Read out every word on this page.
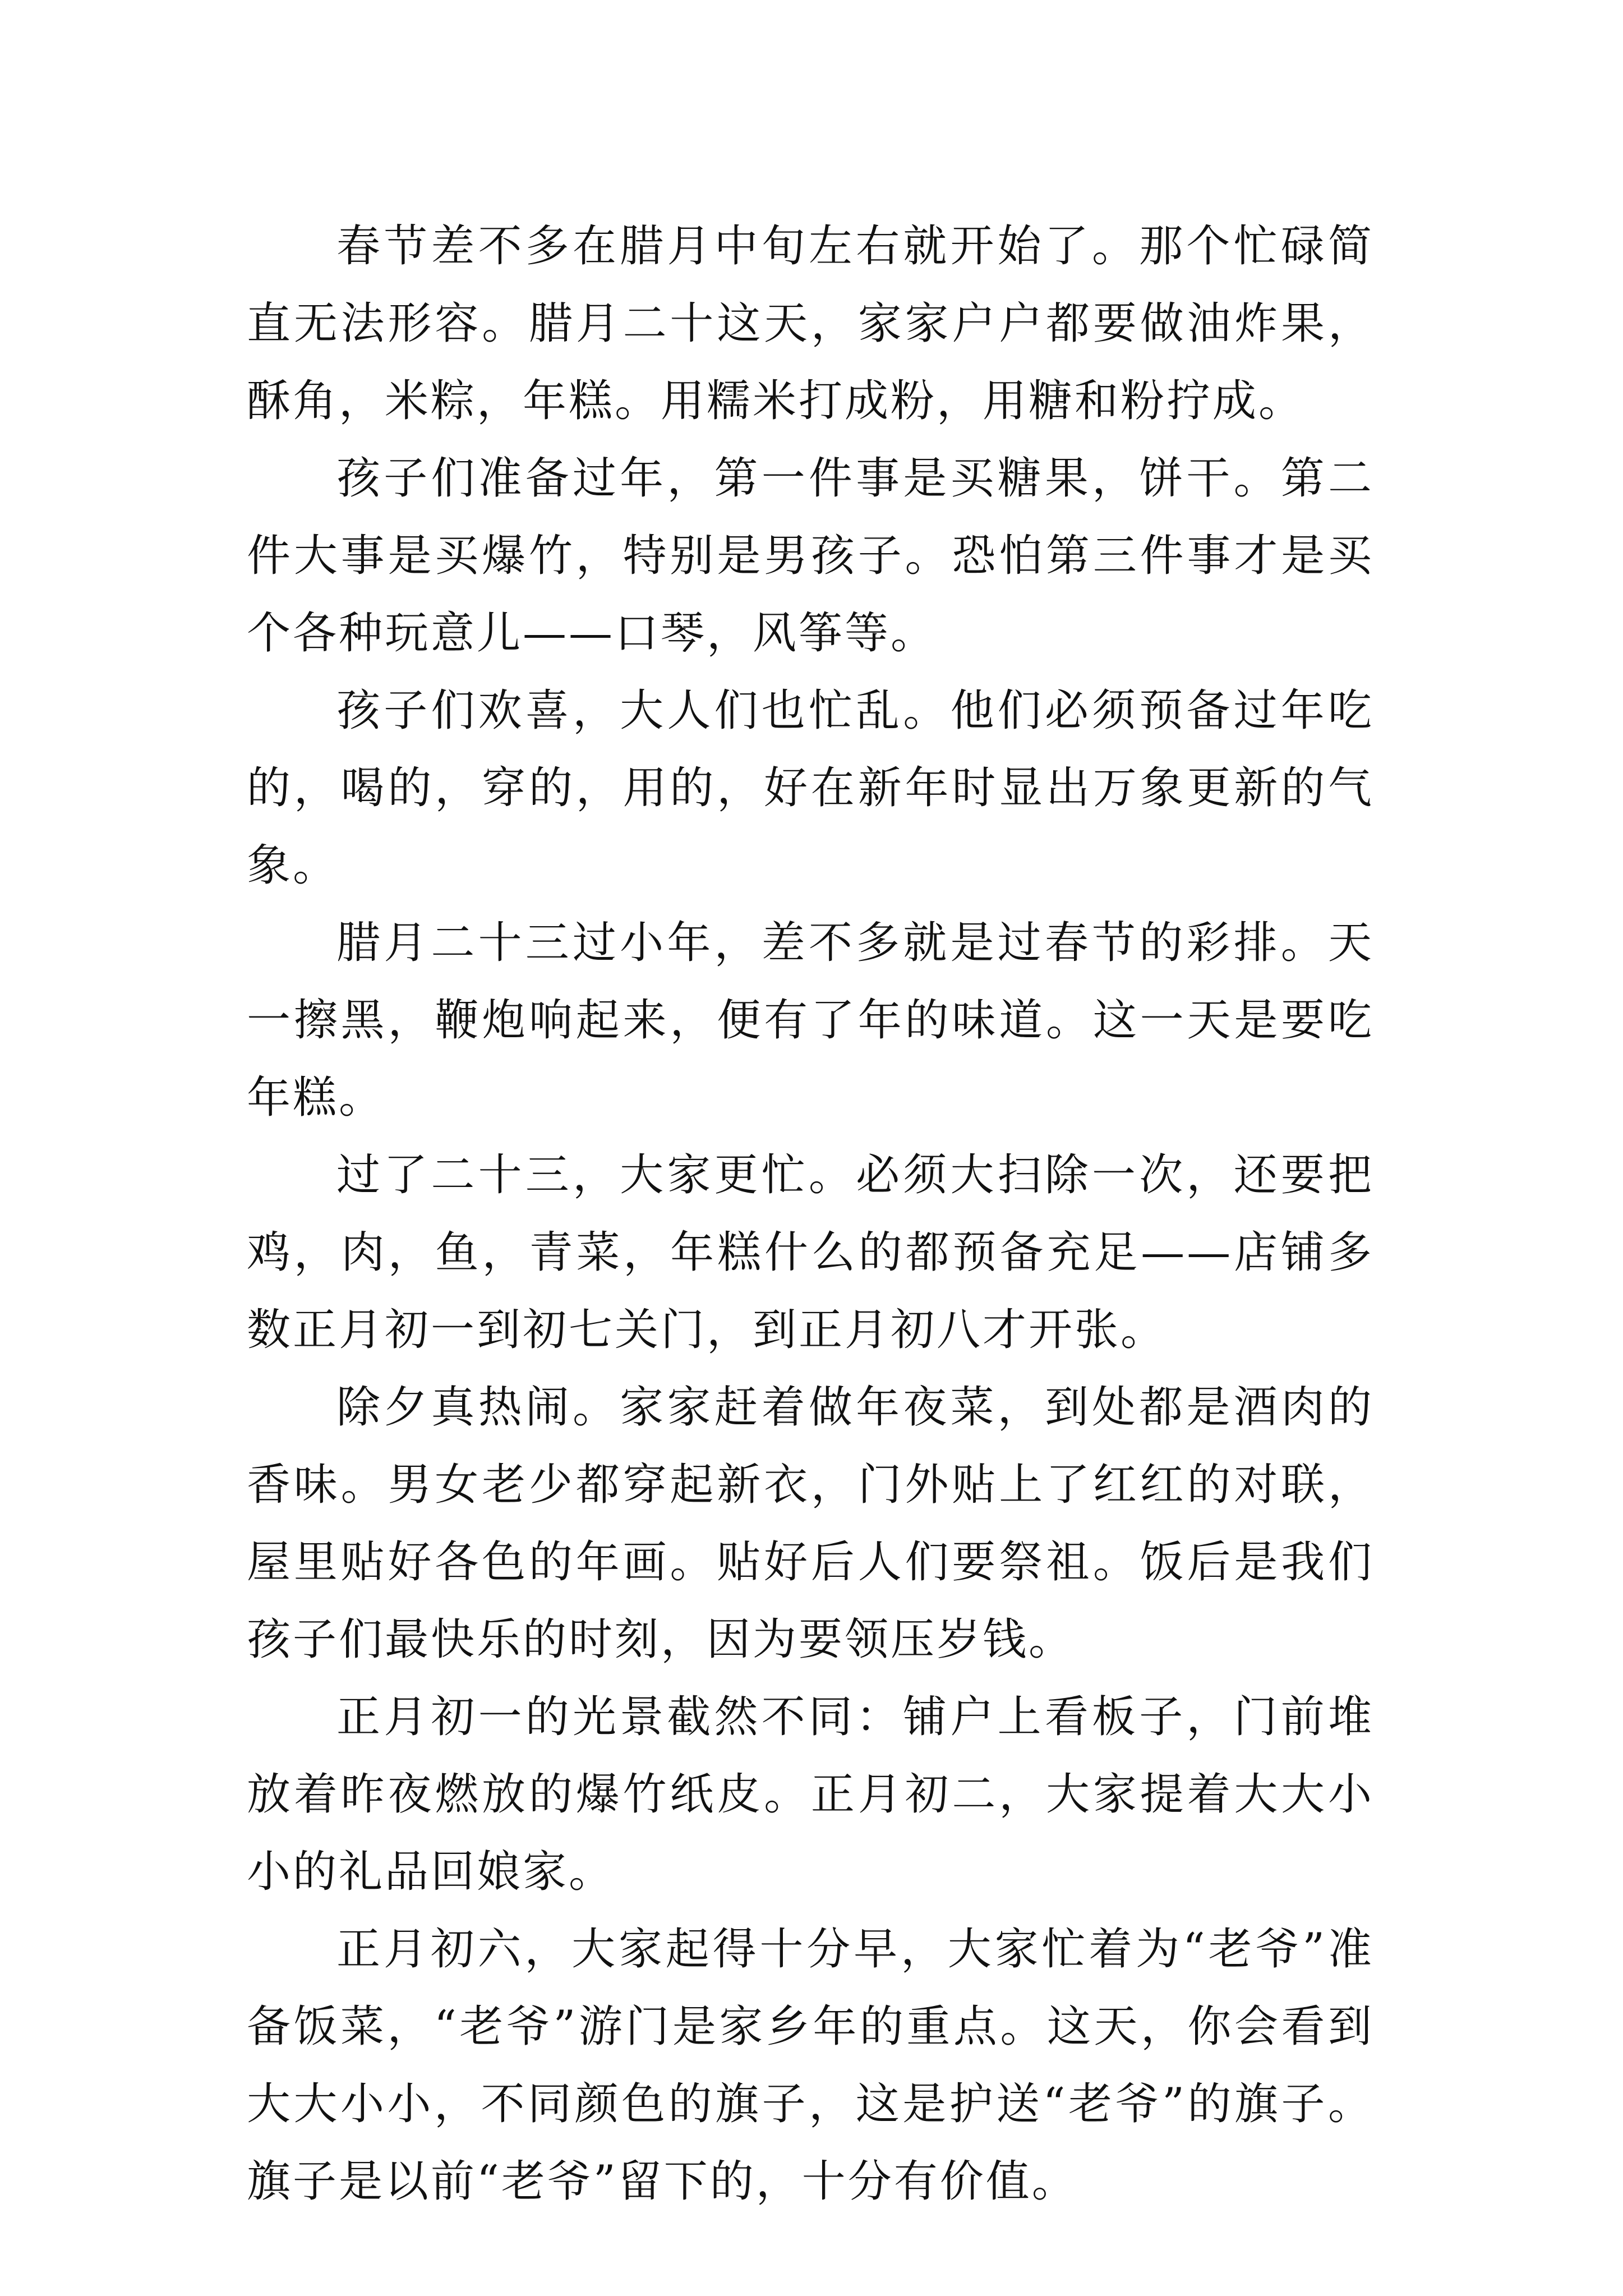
春节差不多在腊月中旬左右就开始了。那个忙碌简直无法形容。腊月二十这天，家家户户都要做油炸果，酥角，米粽，年糕。用糯米打成粉，用糖和粉拧成。

孩子们准备过年，第一件事是买糖果，饼干。第二件大事是买爆竹，特别是男孩子。恐怕第三件事才是买个各种玩意儿——口琴，风筝等。

孩子们欢喜，大人们也忙乱。他们必须预备过年吃的，喝的，穿的，用的，好在新年时显出万象更新的气象。

腊月二十三过小年，差不多就是过春节的彩排。天一擦黑，鞭炮响起来，便有了年的味道。这一天是要吃年糕。

过了二十三，大家更忙。必须大扫除一次，还要把鸡，肉，鱼，青菜，年糕什么的都预备充足——店铺多数正月初一到初七关门，到正月初八才开张。

除夕真热闹。家家赶着做年夜菜，到处都是酒肉的香味。男女老少都穿起新衣，门外贴上了红红的对联，屋里贴好各色的年画。贴好后人们要祭祖。饭后是我们孩子们最快乐的时刻，因为要领压岁钱。

正月初一的光景截然不同：铺户上看板子，门前堆放着昨夜燃放的爆竹纸皮。正月初二，大家提着大大小小的礼品回娘家。

正月初六，大家起得十分早，大家忙着为“老爷”准备饭菜，“老爷”游门是家乡年的重点。这天，你会看到大大小小，不同颜色的旗子，这是护送“老爷”的旗子。旗子是以前“老爷”留下的，十分有价值。
